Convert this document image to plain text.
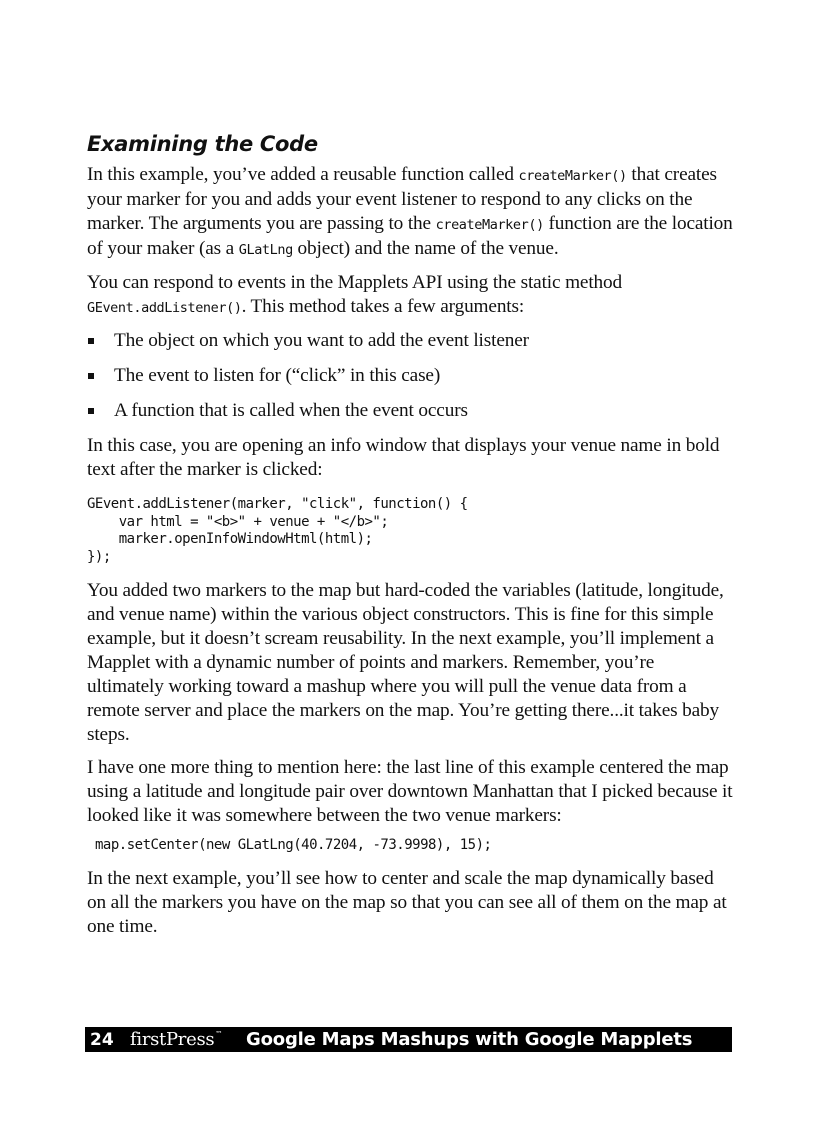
Examining the Code

In this example, you’ve added a reusable function called createMarker() that creates your marker for you and adds your event listener to respond to any clicks on the marker. The arguments you are passing to the createMarker() function are the location of your maker (as a GLatLng object) and the name of the venue.

You can respond to events in the Mapplets API using the static method GEvent.addListener(). This method takes a few arguments:

The object on which you want to add the event listener
The event to listen for (“click” in this case)
A function that is called when the event occurs

In this case, you are opening an info window that displays your venue name in bold text after the marker is clicked:

GEvent.addListener(marker, "click", function() {
var html = "<b>" + venue + "</b>";
marker.openInfoWindowHtml(html);
});

You added two markers to the map but hard-coded the variables (latitude, longitude, and venue name) within the various object constructors. This is fine for this simple example, but it doesn’t scream reusability. In the next example, you’ll implement a Mapplet with a dynamic number of points and markers. Remember, you’re ultimately working toward a mashup where you will pull the venue data from a remote server and place the markers on the map. You’re getting there...it takes baby steps.

I have one more thing to mention here: the last line of this example centered the map using a latitude and longitude pair over downtown Manhattan that I picked because it looked like it was somewhere between the two venue markers:

map.setCenter(new GLatLng(40.7204, -73.9998), 15);

In the next example, you’ll see how to center and scale the map dynamically based on all the markers you have on the map so that you can see all of them on the map at one time.

24 firstPress ™ Google Maps Mashups with Google Mapplets
